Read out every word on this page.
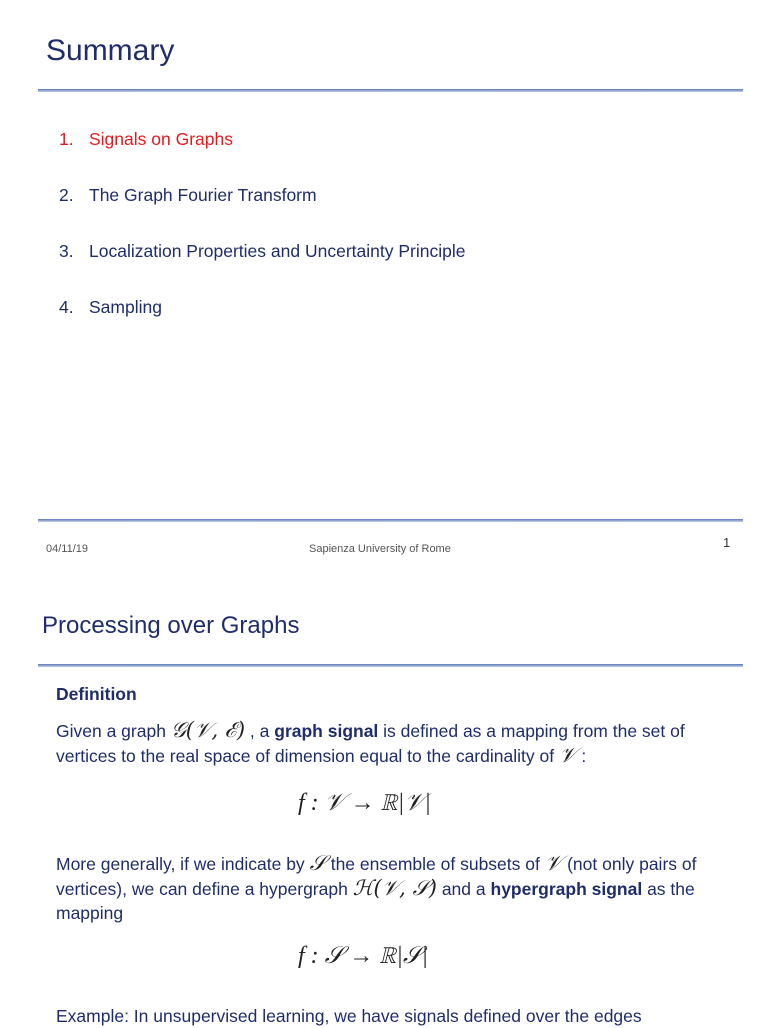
Summary
1. Signals on Graphs
2. The Graph Fourier Transform
3. Localization Properties and Uncertainty Principle
4. Sampling
04/11/19	Sapienza University of Rome	1
Processing over Graphs
Definition
Given a graph 𝒢(𝒱, ℰ) , a graph signal is defined as a mapping from the set of vertices to the real space of dimension equal to the cardinality of 𝒱 :
f : 𝒱 → ℝ|𝒱|
More generally, if we indicate by 𝒮 the ensemble of subsets of 𝒱 (not only pairs of vertices), we can define a hypergraph ℋ(𝒱, 𝒮) and a hypergraph signal as the mapping
f : 𝒮 → ℝ|𝒮|
Example: In unsupervised learning, we have signals defined over the edges
